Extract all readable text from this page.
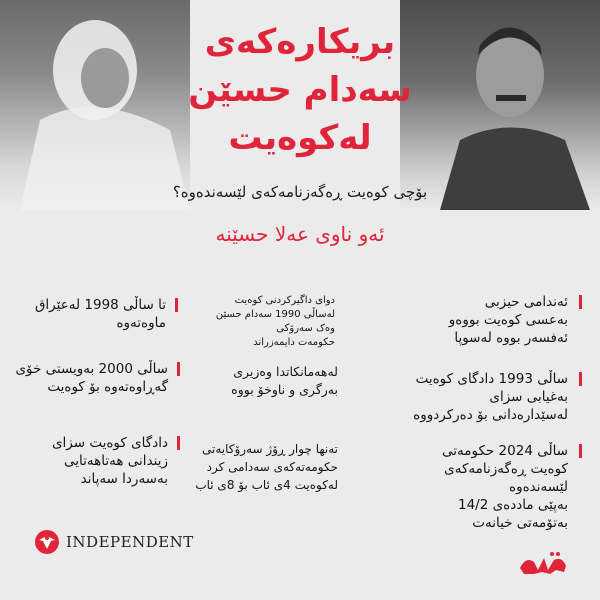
بریکارەکەی
سەدام حسێن
لەکوەیت
بۆچی کوەیت ڕەگەزنامەکەی لێسەندەوە؟
ئەو ناوی عەلا حسێنە
ئەندامی حیزبی
بەعسی کوەیت بووەو
ئەفسەر بووە لەسوپا
ساڵی 1993 دادگای کوەیت
بەغیابی سزای
لەسێدارەدانی بۆ دەرکردووە
ساڵی 2024 حکومەتی
کوەیت ڕەگەزنامەکەی
لێسەندەوە
بەپێی ماددەی 14/2
بەتۆمەتی خیانەت
دوای داگیرکردنی کوەیت
لەساڵی 1990 سەدام حسێن
وەک سەرۆکی
حکومەت دایمەزراند
لەهەمانکاتدا وەزیری
بەرگری و ناوخۆ بووە
تەنها چوار ڕۆژ سەرۆکایەتی
حکومەتەکەی سەدامی کرد
لەکوەیت 4ی ئاب بۆ 8ی ئاب
تا ساڵی 1998 لەعێراق
ماوەتەوە
ساڵی 2000 بەویستی خۆی
گەڕاوەتەوە بۆ کوەیت
دادگای کوەیت سزای
زیندانی هەتاهەتایی
بەسەردا سەپاند
INDEPENDENT
